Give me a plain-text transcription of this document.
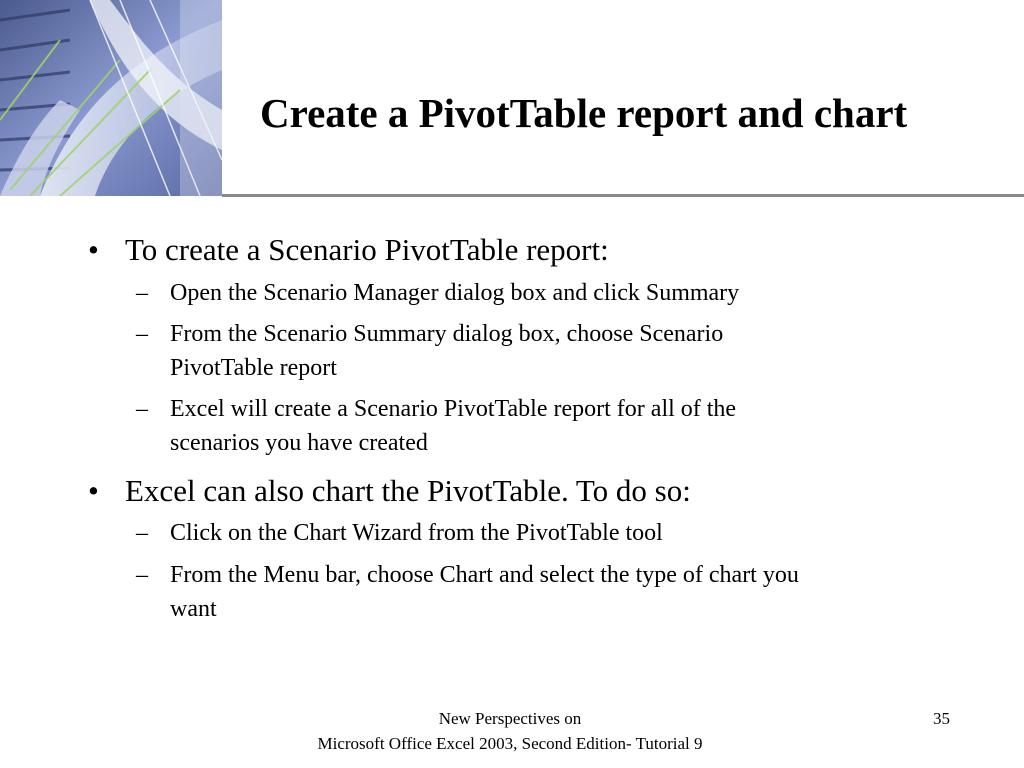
Create a PivotTable report and chart

• To create a Scenario PivotTable report:

– Open the Scenario Manager dialog box and click Summary

– From the Scenario Summary dialog box, choose Scenario
PivotTable report

– Excel will create a Scenario PivotTable report for all of the
scenarios you have created

• Excel can also chart the PivotTable. To do so:

– Click on the Chart Wizard from the PivotTable tool

– From the Menu bar, choose Chart and select the type of chart you
want

New Perspectives on
Microsoft Office Excel 2003, Second Edition- Tutorial 9
35
